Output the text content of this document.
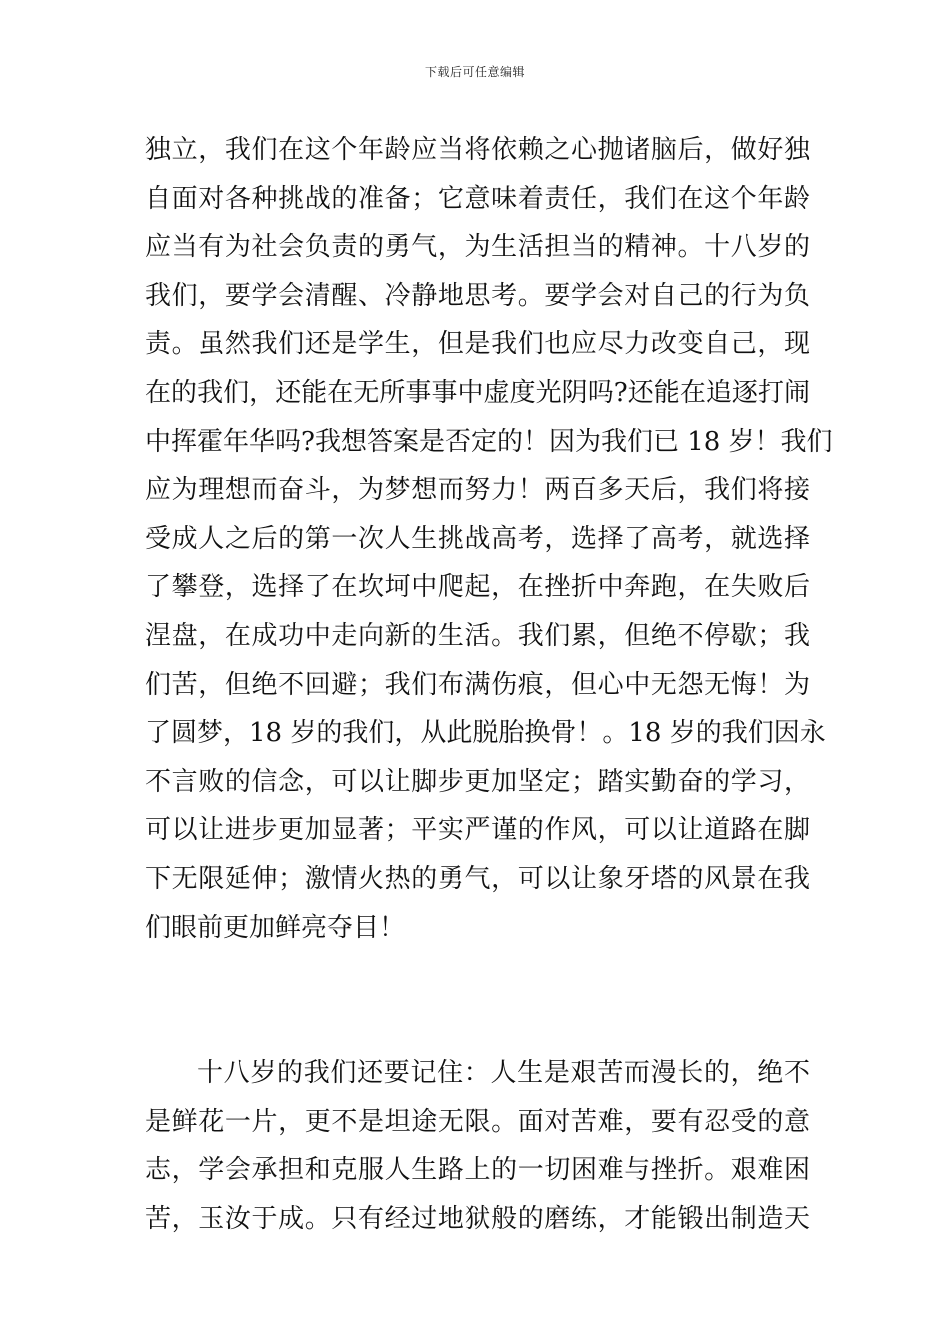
下载后可任意编辑
独立，我们在这个年龄应当将依赖之心抛诸脑后，做好独
自面对各种挑战的准备；它意味着责任，我们在这个年龄
应当有为社会负责的勇气，为生活担当的精神。十八岁的
我们，要学会清醒、冷静地思考。要学会对自己的行为负
责。虽然我们还是学生，但是我们也应尽力改变自己，现
在的我们，还能在无所事事中虚度光阴吗?还能在追逐打闹
中挥霍年华吗?我想答案是否定的！因为我们已 18 岁！我们
应为理想而奋斗，为梦想而努力！两百多天后，我们将接
受成人之后的第一次人生挑战高考，选择了高考，就选择
了攀登，选择了在坎坷中爬起，在挫折中奔跑，在失败后
涅盘，在成功中走向新的生活。我们累，但绝不停歇；我
们苦，但绝不回避；我们布满伤痕，但心中无怨无悔！为
了圆梦，18 岁的我们，从此脱胎换骨！。18 岁的我们因永
不言败的信念，可以让脚步更加坚定；踏实勤奋的学习，
可以让进步更加显著；平实严谨的作风，可以让道路在脚
下无限延伸；激情火热的勇气，可以让象牙塔的风景在我
们眼前更加鲜亮夺目！
十八岁的我们还要记住：人生是艰苦而漫长的，绝不
是鲜花一片，更不是坦途无限。面对苦难，要有忍受的意
志，学会承担和克服人生路上的一切困难与挫折。艰难困
苦，玉汝于成。只有经过地狱般的磨练，才能锻出制造天
